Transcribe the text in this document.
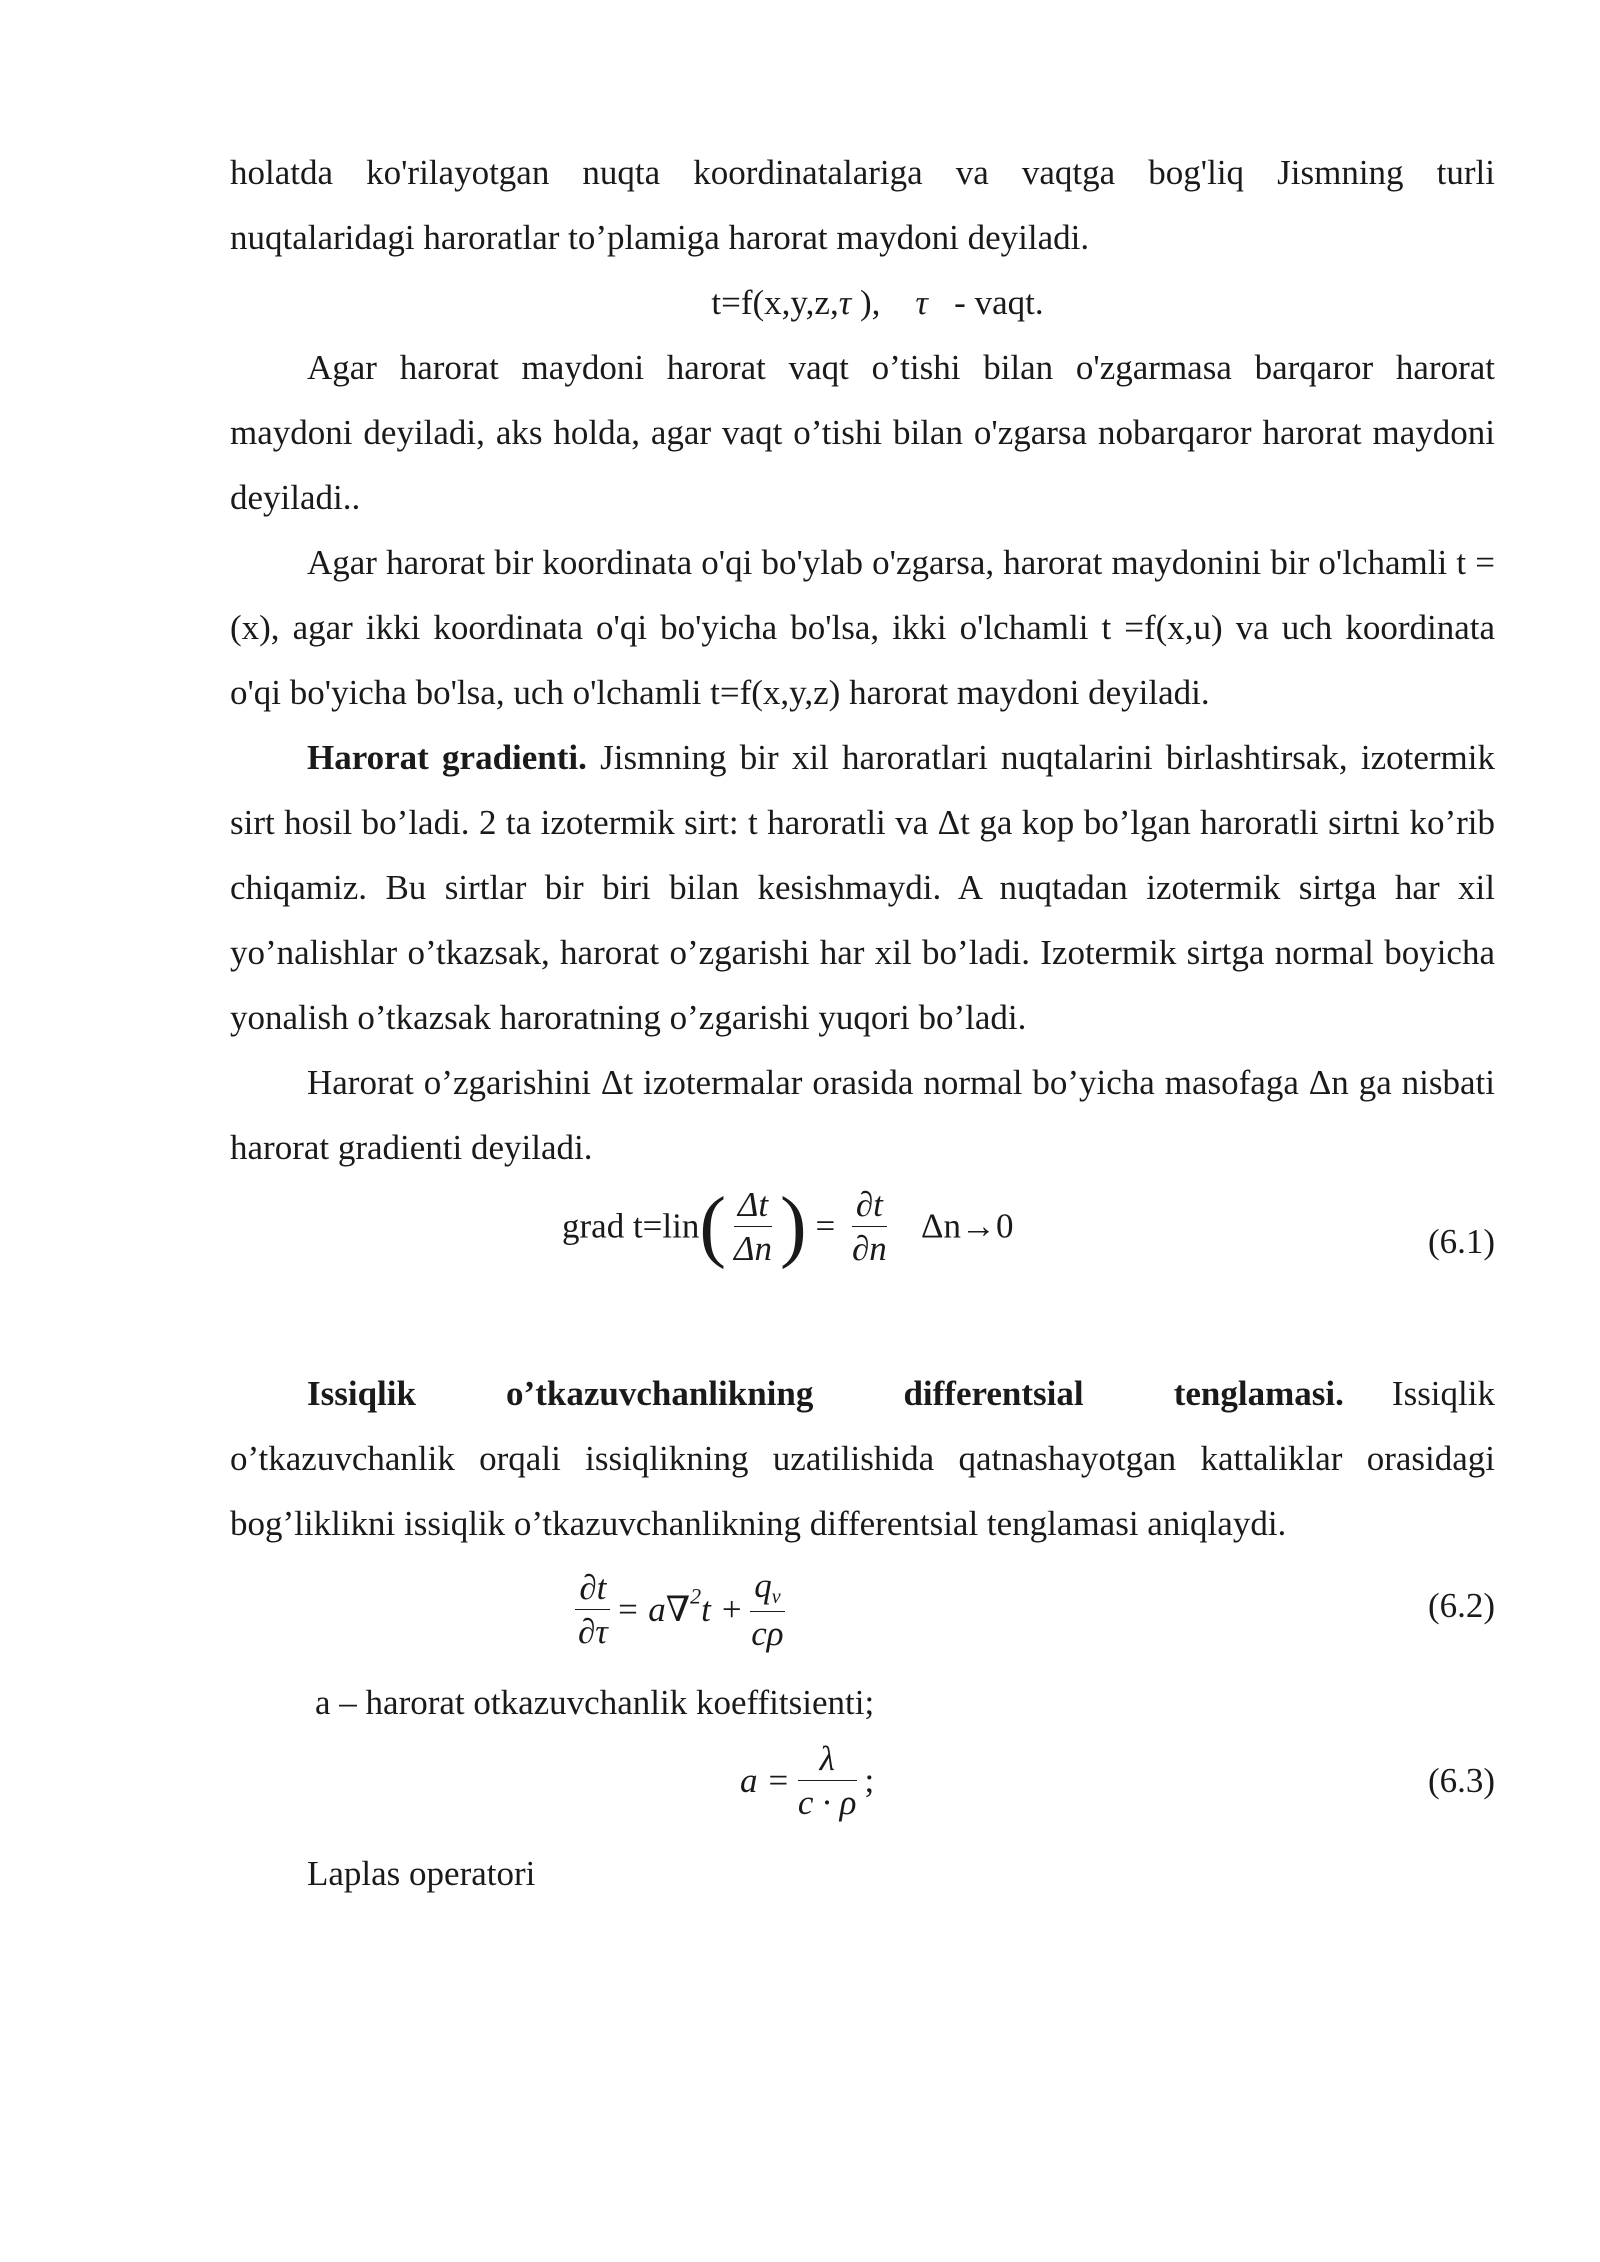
holatda ko'rilayotgan nuqta koordinatalariga va vaqtga bog'liq Jismning turli

nuqtalaridagi haroratlar to’plamiga harorat maydoni deyiladi.

t=f(x,y,z,τ ), τ - vaqt.

Agar harorat maydoni harorat vaqt o’tishi bilan o'zgarmasa barqaror harorat maydoni deyiladi, aks holda, agar vaqt o’tishi bilan o'zgarsa nobarqaror harorat maydoni deyiladi..

Agar harorat bir koordinata o'qi bo'ylab o'zgarsa, harorat maydonini bir o'lchamli t = (x), agar ikki koordinata o'qi bo'yicha bo'lsa, ikki o'lchamli t =f(x,u) va uch koordinata o'qi bo'yicha bo'lsa, uch o'lchamli t=f(x,y,z) harorat maydoni deyiladi.

Harorat gradienti. Jismning bir xil haroratlari nuqtalarini birlashtirsak, izotermik sirt hosil bo’ladi. 2 ta izotermik sirt: t haroratli va Δt ga kop bo’lgan haroratli sirtni ko’rib chiqamiz. Bu sirtlar bir biri bilan kesishmaydi. A nuqtadan izotermik sirtga har xil yo’nalishlar o’tkazsak, harorat o’zgarishi har xil bo’ladi. Izotermik sirtga normal boyicha yonalish o’tkazsak haroratning o’zgarishi yuqori bo’ladi.

Harorat o’zgarishini Δt izotermalar orasida normal bo’yicha masofaga Δn ga nisbati harorat gradienti deyiladi.

grad $t=lin( \frac{\Delta t}{\Delta n}$ ) = $\frac{\partial t}{\partial n} \Delta n\to 0$	(6.1)

Issiqlik o’tkazuvchanlikning differentsial tenglamasi. Issiqlik o’tkazuvchanlik orqali issiqlikning uzatilishida qatnashayotgan kattaliklar orasidagi bog’liklikni issiqlik o’tkazuvchanlikning differentsial tenglamasi aniqlaydi.

$\frac{\partial t}{\partial\tau} = a\nabla^2t + \frac{q_v}{c\rho}$	(6.2)

a – harorat otkazuvchanlik koeffitsienti;

$a = \frac{\lambda}{c \cdot \rho}$ ;	(6.3)

Laplas operatori
